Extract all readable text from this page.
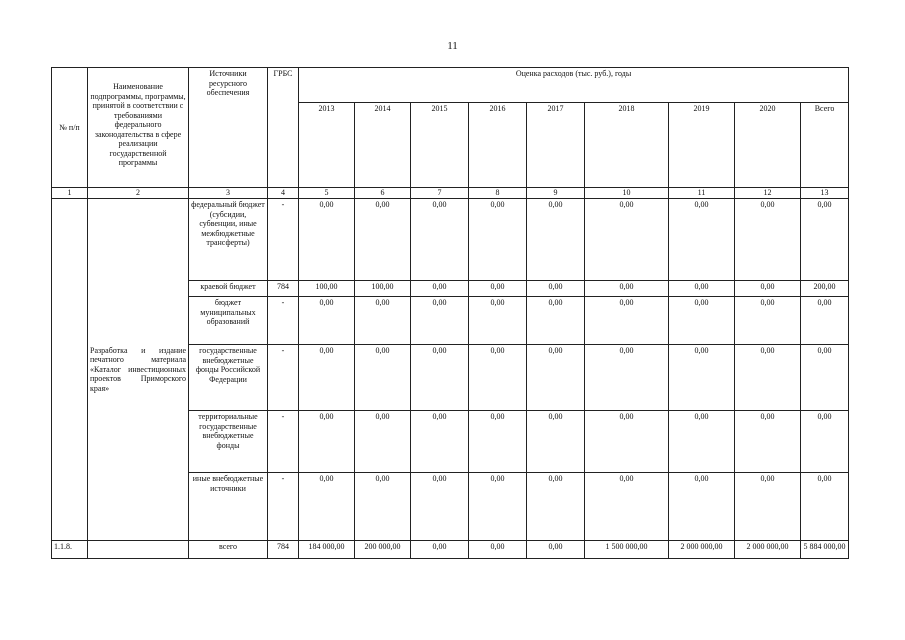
11
№ п/п	Наименование подпрограммы, программы, принятой в соответствии с требованиями федерального законодательства в сфере реализации государственной программы	Источники ресурсного обеспечения	ГРБС	Оценка расходов (тыс. руб.), годы								
				2013	2014	2015	2016	2017	2018	2019	2020	Всего
1	2	3	4	5	6	7	8	9	10	11	12	13
	Разработка и издание печатного материала «Каталог инвестиционных проектов Приморского края»	федеральный бюджет (субсидии, субвенции, иные межбюджетные трансферты)	-	0,00	0,00	0,00	0,00	0,00	0,00	0,00	0,00	0,00
		краевой бюджет	784	100,00	100,00	0,00	0,00	0,00	0,00	0,00	0,00	200,00
		бюджет муниципальных образований	-	0,00	0,00	0,00	0,00	0,00	0,00	0,00	0,00	0,00
		государственные внебюджетные фонды Российской Федерации	-	0,00	0,00	0,00	0,00	0,00	0,00	0,00	0,00	0,00
		территориальные государственные внебюджетные фонды	-	0,00	0,00	0,00	0,00	0,00	0,00	0,00	0,00	0,00
		иные внебюджетные источники	-	0,00	0,00	0,00	0,00	0,00	0,00	0,00	0,00	0,00
1.1.8.		всего	784	184 000,00	200 000,00	0,00	0,00	0,00	1 500 000,00	2 000 000,00	2 000 000,00	5 884 000,00
